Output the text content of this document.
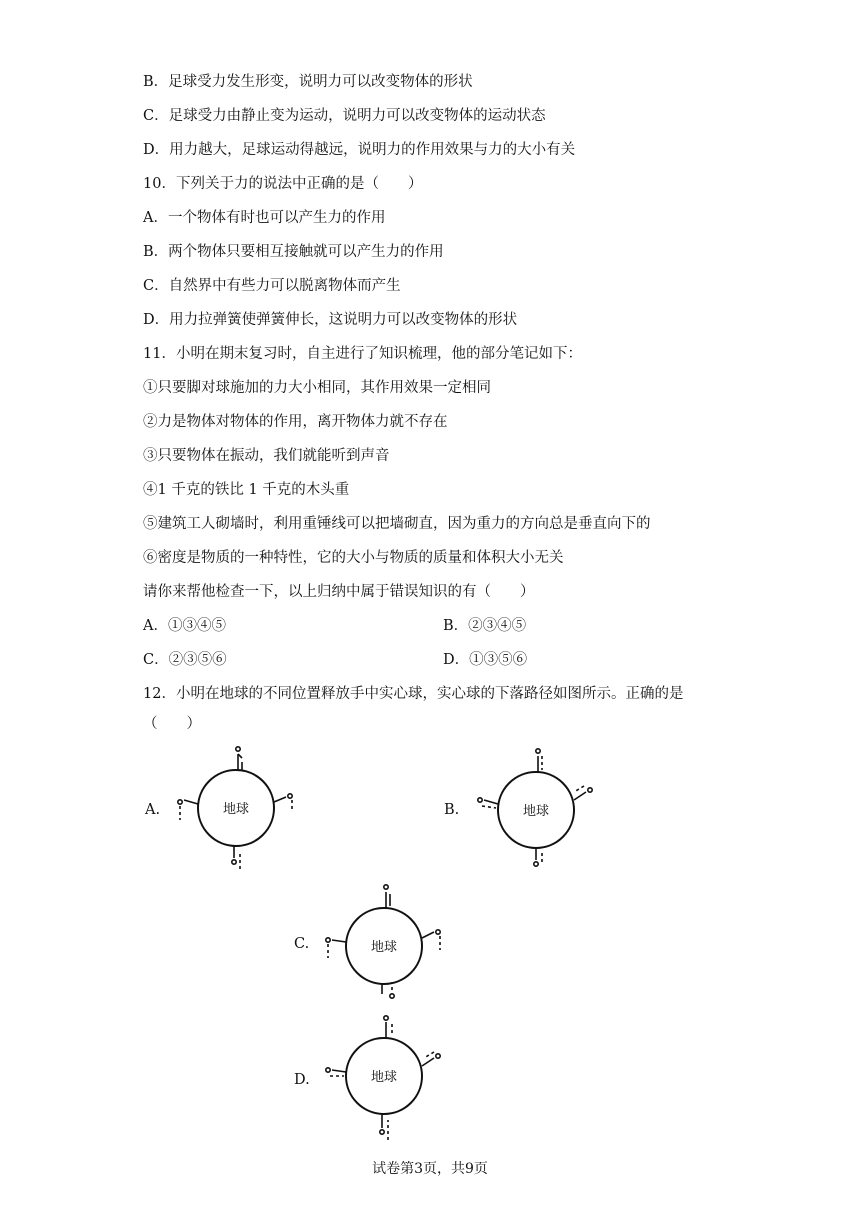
B．足球受力发生形变，说明力可以改变物体的形状
C．足球受力由静止变为运动，说明力可以改变物体的运动状态
D．用力越大，足球运动得越远，说明力的作用效果与力的大小有关
10．下列关于力的说法中正确的是（　　）
A．一个物体有时也可以产生力的作用
B．两个物体只要相互接触就可以产生力的作用
C．自然界中有些力可以脱离物体而产生
D．用力拉弹簧使弹簧伸长，这说明力可以改变物体的形状
11．小明在期末复习时，自主进行了知识梳理，他的部分笔记如下：
①只要脚对球施加的力大小相同，其作用效果一定相同
②力是物体对物体的作用，离开物体力就不存在
③只要物体在振动，我们就能听到声音
④1 千克的铁比 1 千克的木头重
⑤建筑工人砌墙时，利用重锤线可以把墙砌直，因为重力的方向总是垂直向下的
⑥密度是物质的一种特性，它的大小与物质的质量和体积大小无关
请你来帮他检查一下，以上归纳中属于错误知识的有（　　）
A．①③④⑤	B．②③④⑤
C．②③⑤⑥	D．①③⑤⑥
12．小明在地球的不同位置释放手中实心球，实心球的下落路径如图所示。正确的是
（　　）
A.	地球	B.	地球
C.	地球
D.	地球
试卷第3页，共9页
